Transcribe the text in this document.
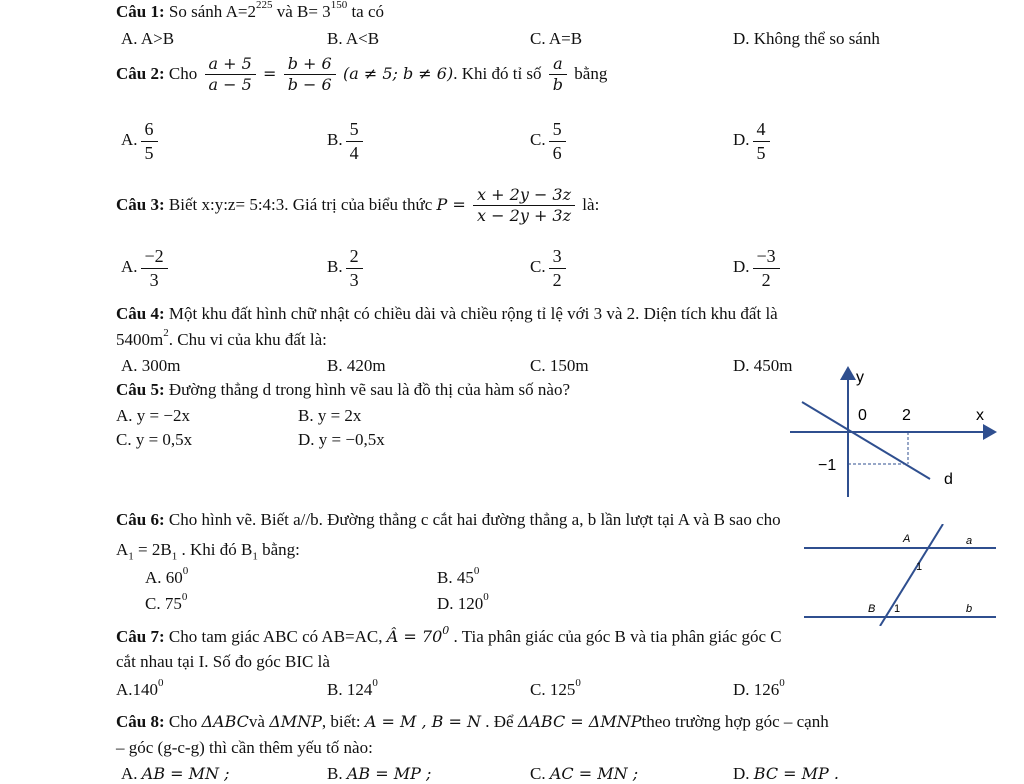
Câu 1: So sánh $A=2^{225}$ và $B= 3^{150}$ ta có
A. A>B	B. A<B	C. A=B	D. Không thể so sánh
Câu 2: Cho $\frac{a + 5}{a - 5} = \frac{b + 6}{b - 6} (a \ne 5$; b ≠ 6). Khi đó tỉ số $\frac{a}{b}$ bằng
A. $\frac{6}{5}$	B. $\frac{5}{4}$	C. $\frac{5}{6}$	D. $\frac{4}{5}$
Câu 3: Biết x:y:z= 5:4:3. Giá trị của biểu thức $P = \frac{x + 2y - 3z}{x - 2y + 3z}$ là:
A. $\frac{-2}{3}$	B. $\frac{2}{3}$	C. $\frac{3}{2}$	D. $\frac{-3}{2}$
Câu 4: Một khu đất hình chữ nhật có chiều dài và chiều rộng tỉ lệ với 3 và 2. Diện tích khu đất là
$5400m^2$. Chu vi của khu đất là:
A. 300m	B. 420m	C. 150m	D. 450m
Câu 5: Đường thẳng d trong hình vẽ sau là đồ thị của hàm số nào?
A. y = −2x	B. y = 2x
C. y = 0,5x	D. y = −0,5x
y
x
0 2
−1
d
Câu 6: Cho hình vẽ. Biết a//b. Đường thẳng c cắt hai đường thẳng a, b lần lượt tại A và B sao cho
$A_1 = 2B_1$ . Khi đó $B_1$ bằng:
A. $60^0$	B. $45^0$
C. $75^0$	D. $120^0$
A	a
1
B 1	b
Câu 7: Cho tam giác ABC có AB=AC, Â = $70^0$ . Tia phân giác của góc B và tia phân giác góc C
cắt nhau tại I. Số đo góc BIC là
A.140$^0$	B. $124^0$	C. $125^0$	D. $126^0$
Câu 8: Cho ΔABCvà ΔMNP, biết: A = M , B = N . Để ΔABC = ΔMNPtheo trường hợp góc – cạnh
– góc (g-c-g) thì cần thêm yếu tố nào:
A. AB = MN ;	B. AB = MP ;	C. AC = MN ;	D. BC = MP .
